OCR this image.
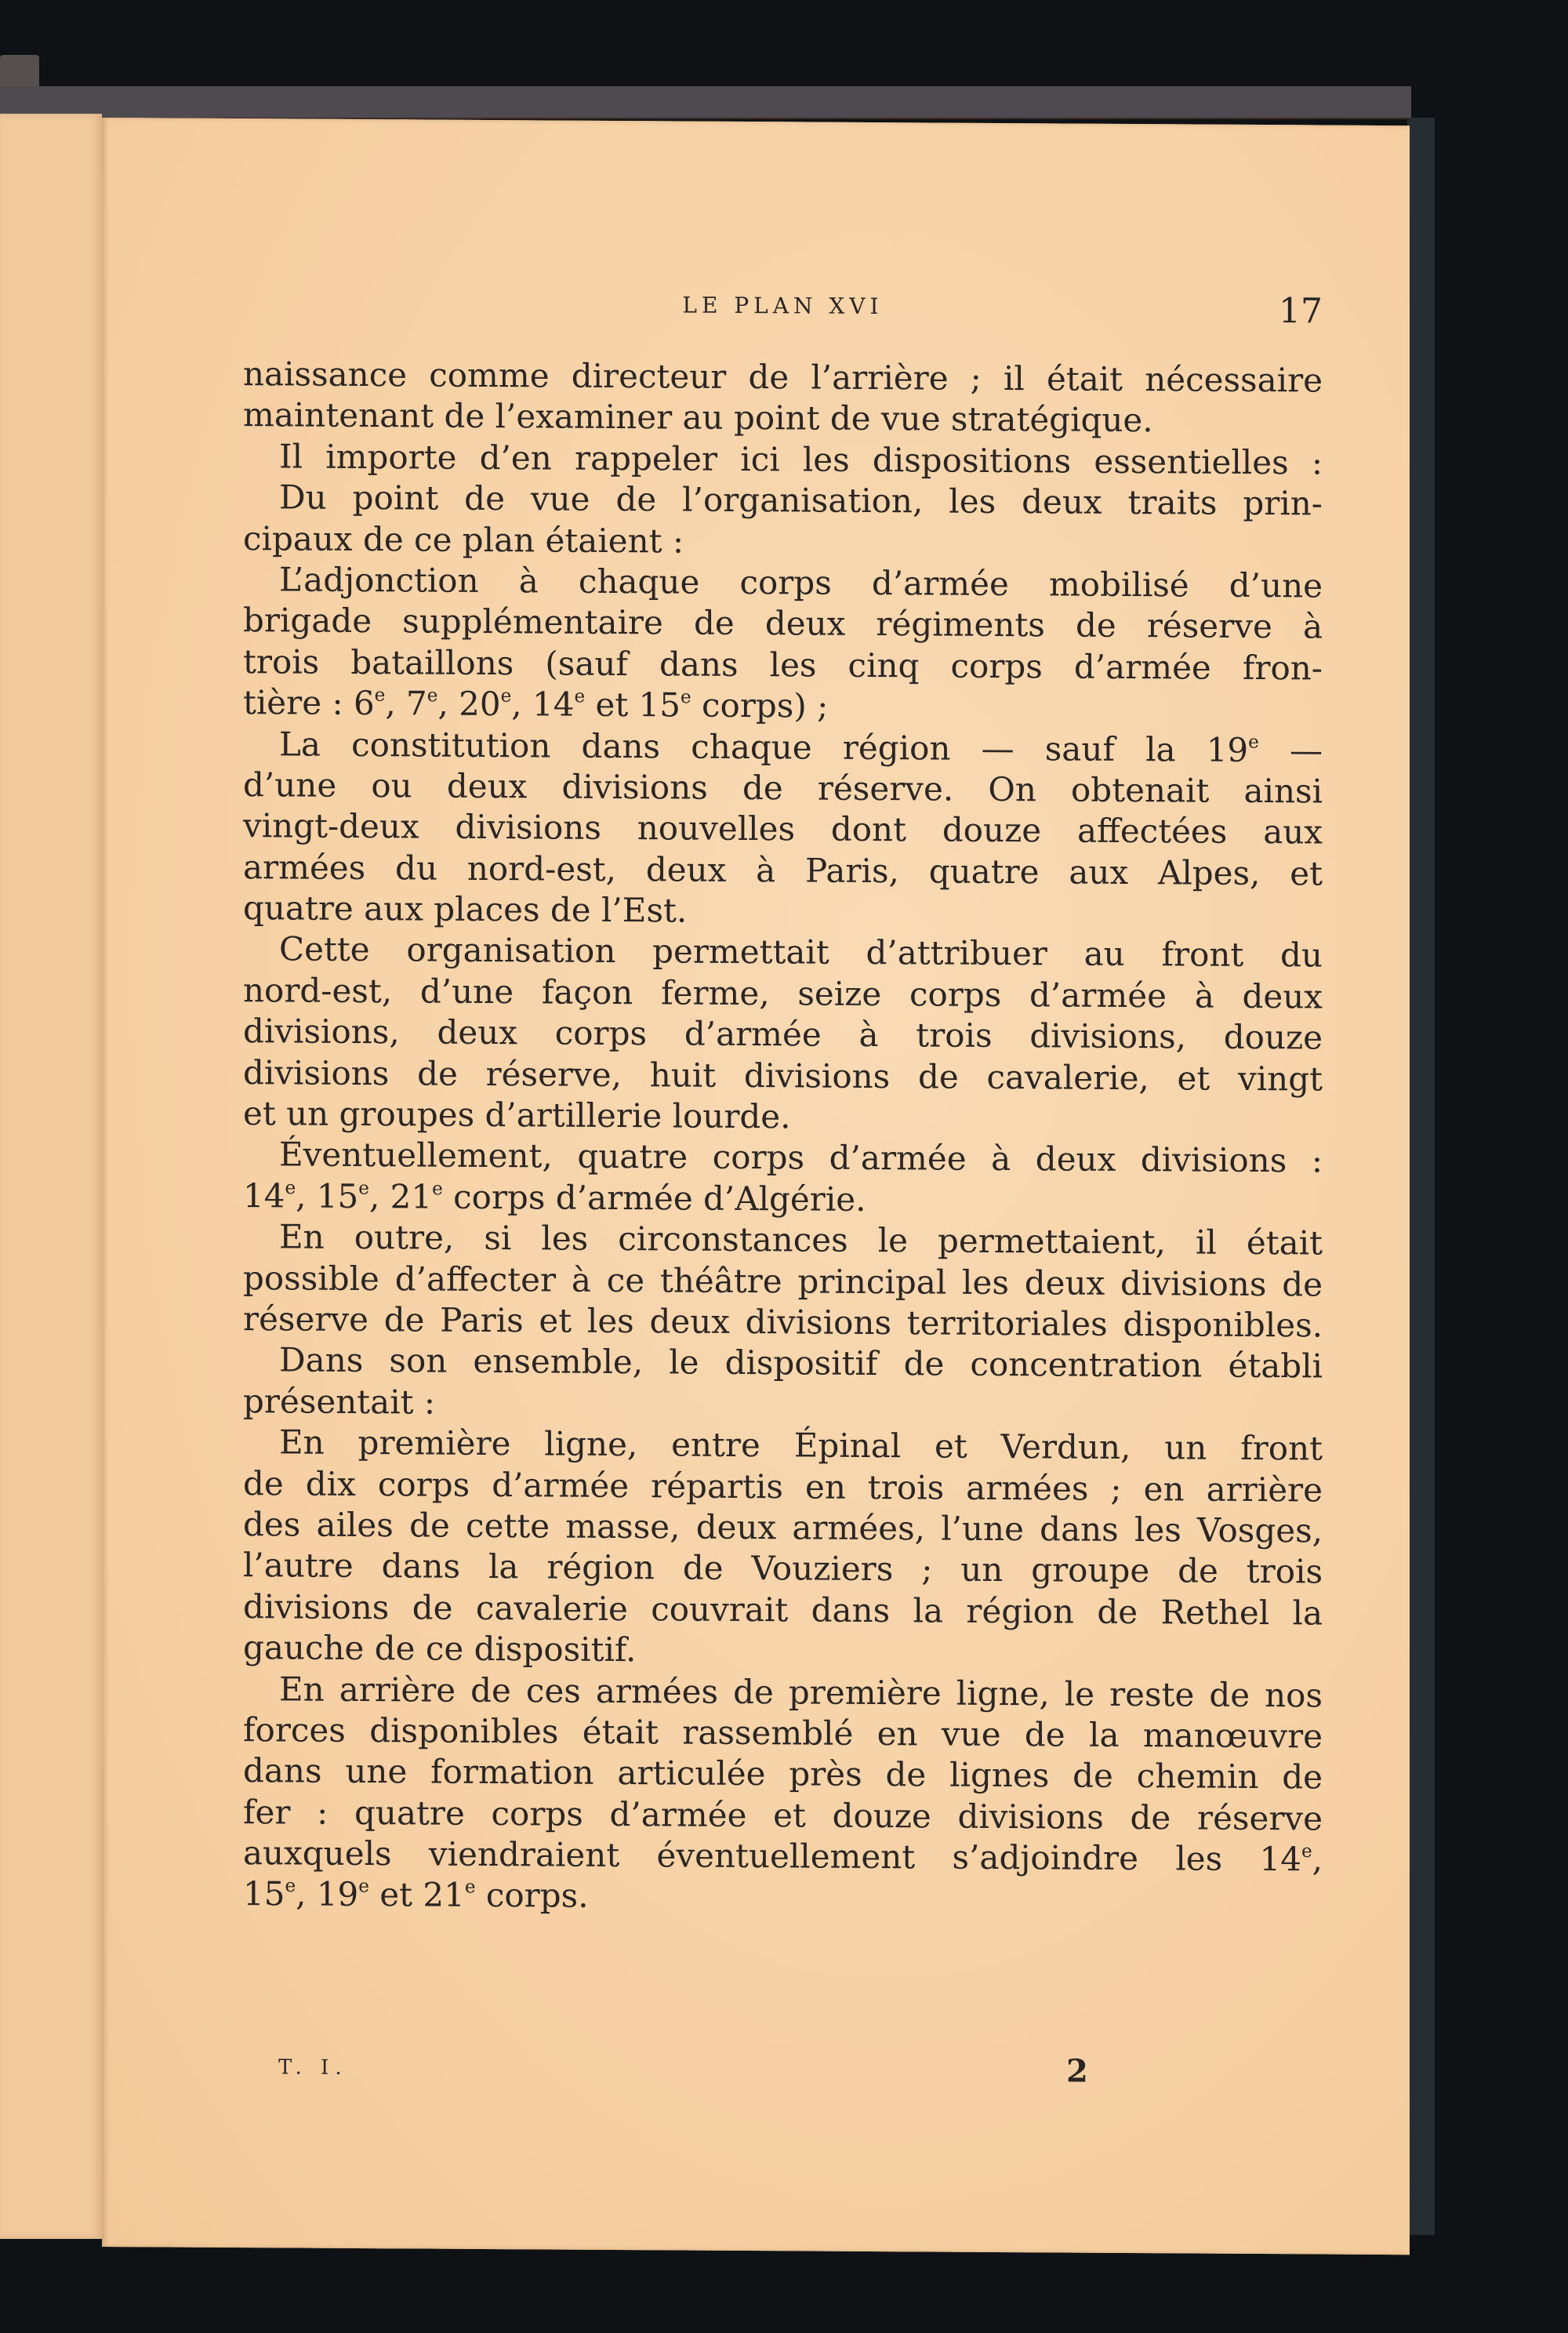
LE PLAN XVI	17
naissance comme directeur de l’arrière ; il était nécessaire
maintenant de l’examiner au point de vue stratégique.
Il importe d’en rappeler ici les dispositions essentielles :
Du point de vue de l’organisation, les deux traits prin-
cipaux de ce plan étaient :
L’adjonction à chaque corps d’armée mobilisé d’une
brigade supplémentaire de deux régiments de réserve à
trois bataillons (sauf dans les cinq corps d’armée fron-
tière : 6e, 7e, 20e, 14e et 15e corps) ;
La constitution dans chaque région — sauf la 19e —
d’une ou deux divisions de réserve. On obtenait ainsi
vingt-deux divisions nouvelles dont douze affectées aux
armées du nord-est, deux à Paris, quatre aux Alpes, et
quatre aux places de l’Est.
Cette organisation permettait d’attribuer au front du
nord-est, d’une façon ferme, seize corps d’armée à deux
divisions, deux corps d’armée à trois divisions, douze
divisions de réserve, huit divisions de cavalerie, et vingt
et un groupes d’artillerie lourde.
Éventuellement, quatre corps d’armée à deux divisions :
14e, 15e, 21e corps d’armée d’Algérie.
En outre, si les circonstances le permettaient, il était
possible d’affecter à ce théâtre principal les deux divisions de
réserve de Paris et les deux divisions territoriales disponibles.
Dans son ensemble, le dispositif de concentration établi
présentait :
En première ligne, entre Épinal et Verdun, un front
de dix corps d’armée répartis en trois armées ; en arrière
des ailes de cette masse, deux armées, l’une dans les Vosges,
l’autre dans la région de Vouziers ; un groupe de trois
divisions de cavalerie couvrait dans la région de Rethel la
gauche de ce dispositif.
En arrière de ces armées de première ligne, le reste de nos
forces disponibles était rassemblé en vue de la manœuvre
dans une formation articulée près de lignes de chemin de
fer : quatre corps d’armée et douze divisions de réserve
auxquels viendraient éventuellement s’adjoindre les 14e,
15e, 19e et 21e corps.
T. I.	2
